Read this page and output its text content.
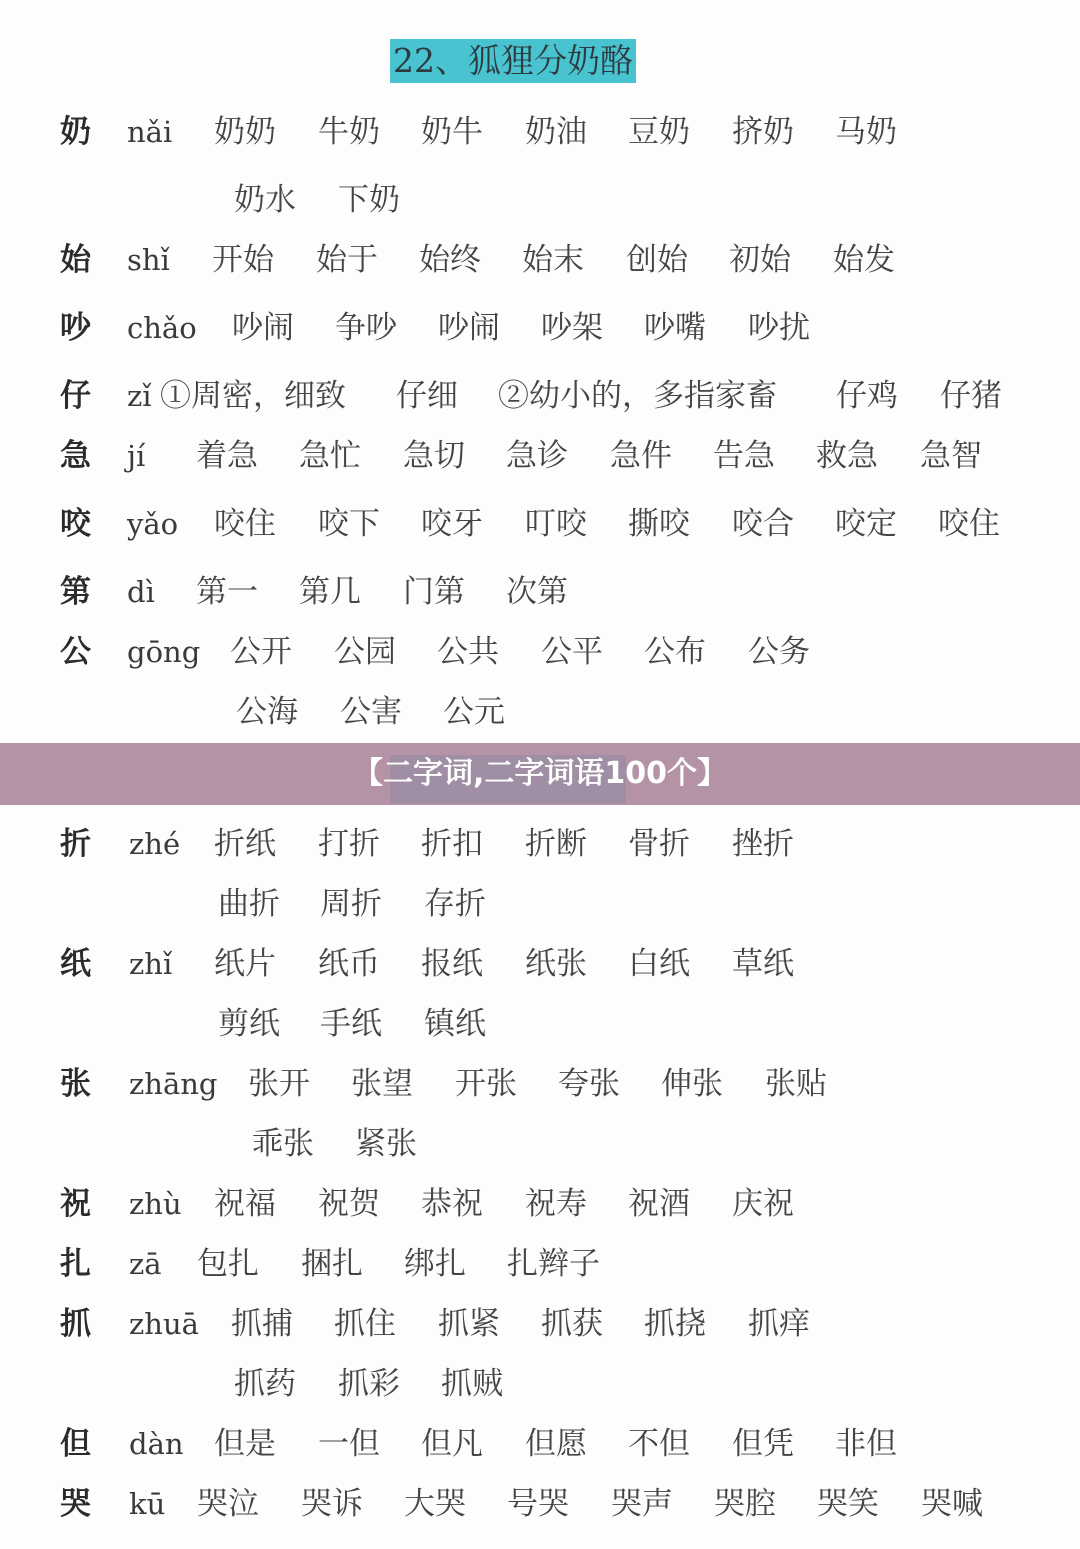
22、狐狸分奶酪
奶 nǎi 奶奶 牛奶 奶牛 奶油 豆奶 挤奶 马奶
奶水 下奶
始 shǐ 开始 始于 始终 始末 创始 初始 始发
吵 chǎo 吵闹 争吵 吵闹 吵架 吵嘴 吵扰
仔 zǐ ①周密，细致 仔细 ②幼小的，多指家畜 仔鸡 仔猪
急 jí 着急 急忙 急切 急诊 急件 告急 救急 急智
咬 yǎo 咬住 咬下 咬牙 叮咬 撕咬 咬合 咬定 咬住
第 dì 第一 第几 门第 次第
公 gōng 公开 公园 公共 公平 公布 公务
公海 公害 公元
折 zhé 折纸 打折 折扣 折断 骨折 挫折
曲折 周折 存折
纸 zhǐ 纸片 纸币 报纸 纸张 白纸 草纸
剪纸 手纸 镇纸
张 zhāng 张开 张望 开张 夸张 伸张 张贴
乖张 紧张
祝 zhù 祝福 祝贺 恭祝 祝寿 祝酒 庆祝
扎 zā 包扎 捆扎 绑扎 扎辫子
抓 zhuā 抓捕 抓住 抓紧 抓获 抓挠 抓痒
抓药 抓彩 抓贼
但 dàn 但是 一但 但凡 但愿 不但 但凭 非但
哭 kū 哭泣 哭诉 大哭 号哭 哭声 哭腔 哭笑 哭喊
【二字词,二字词语100个】
